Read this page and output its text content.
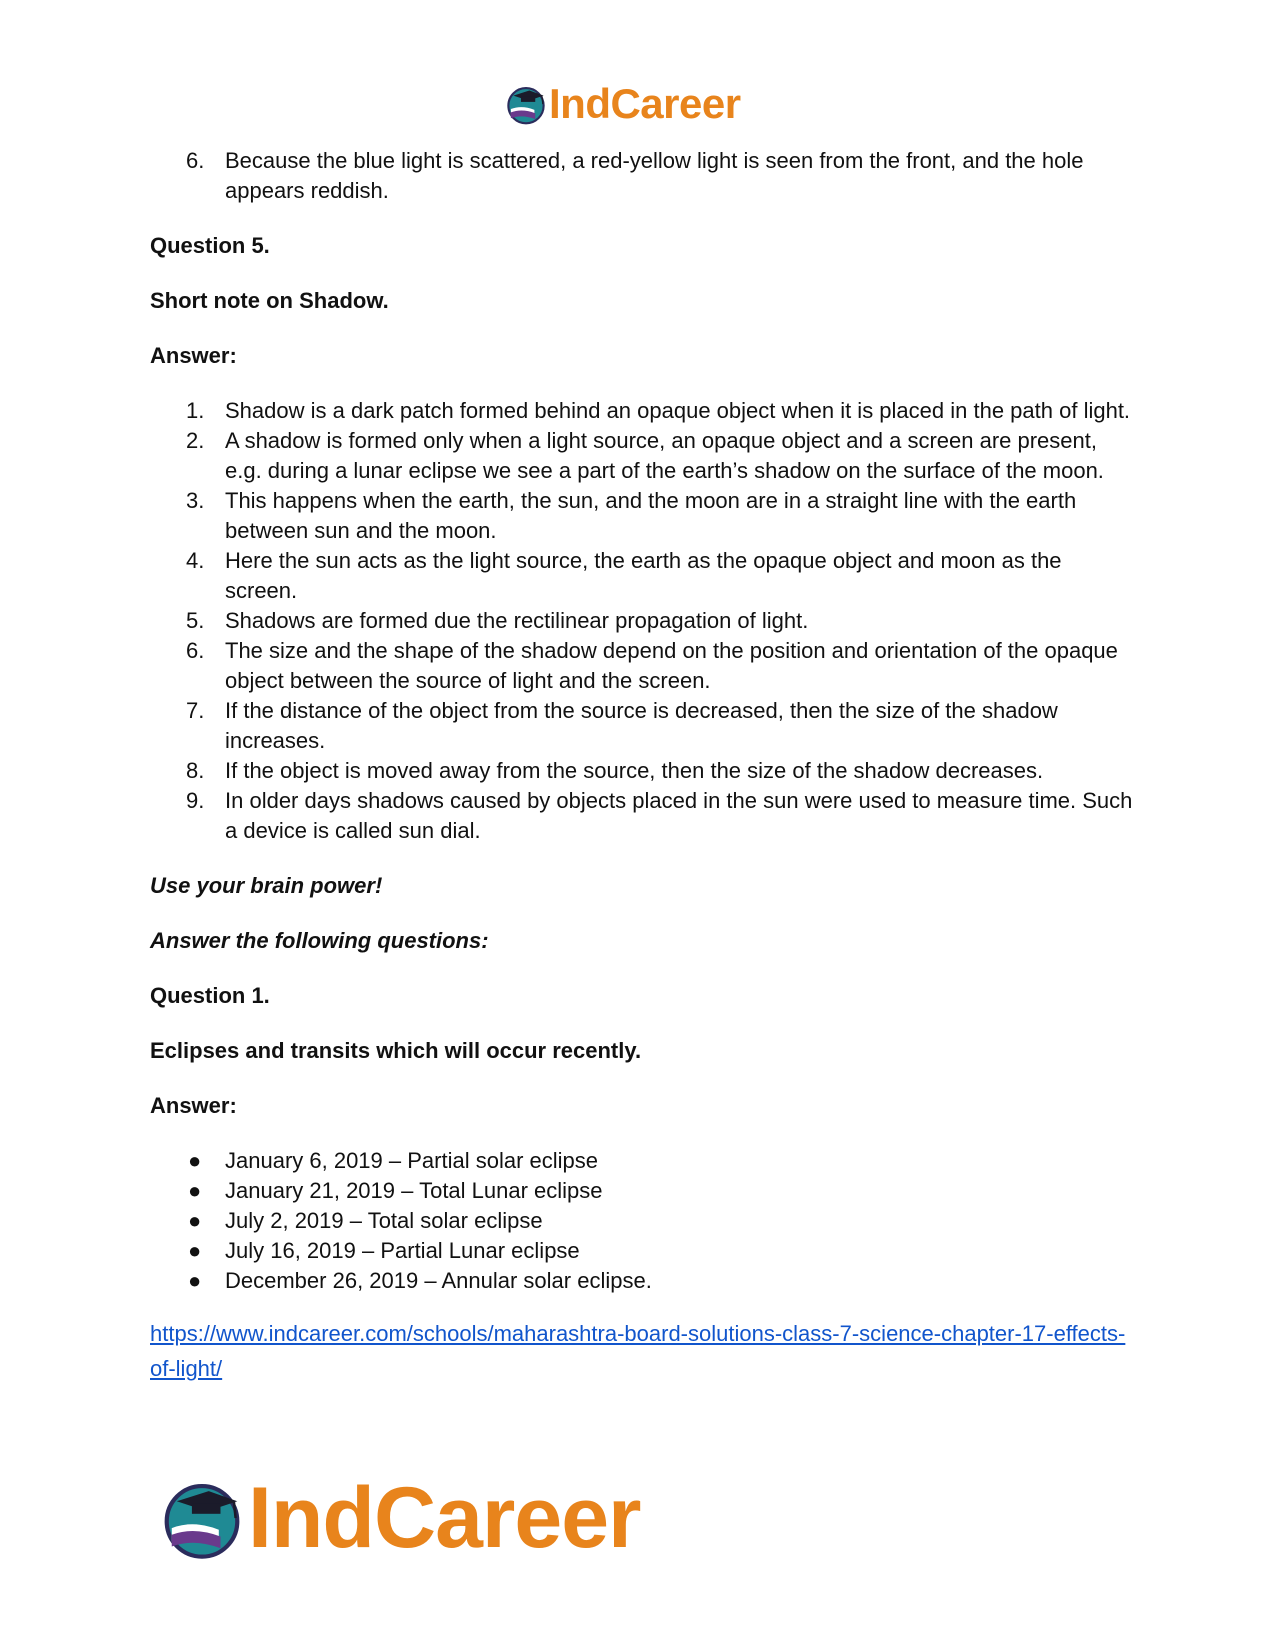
IndCareer
6. Because the blue light is scattered, a red-yellow light is seen from the front, and the hole appears reddish.

Question 5.

Short note on Shadow.

Answer:

1. Shadow is a dark patch formed behind an opaque object when it is placed in the path of light.
2. A shadow is formed only when a light source, an opaque object and a screen are present, e.g. during a lunar eclipse we see a part of the earth’s shadow on the surface of the moon.
3. This happens when the earth, the sun, and the moon are in a straight line with the earth between sun and the moon.
4. Here the sun acts as the light source, the earth as the opaque object and moon as the screen.
5. Shadows are formed due the rectilinear propagation of light.
6. The size and the shape of the shadow depend on the position and orientation of the opaque object between the source of light and the screen.
7. If the distance of the object from the source is decreased, then the size of the shadow increases.
8. If the object is moved away from the source, then the size of the shadow decreases.
9. In older days shadows caused by objects placed in the sun were used to measure time. Such a device is called sun dial.

Use your brain power!

Answer the following questions:

Question 1.

Eclipses and transits which will occur recently.

Answer:

●	January 6, 2019 – Partial solar eclipse
●	January 21, 2019 – Total Lunar eclipse
●	July 2, 2019 – Total solar eclipse
●	July 16, 2019 – Partial Lunar eclipse
●	December 26, 2019 – Annular solar eclipse.
https://www.indcareer.com/schools/maharashtra-board-solutions-class-7-science-chapter-17-effects-of-light/
IndCareer
